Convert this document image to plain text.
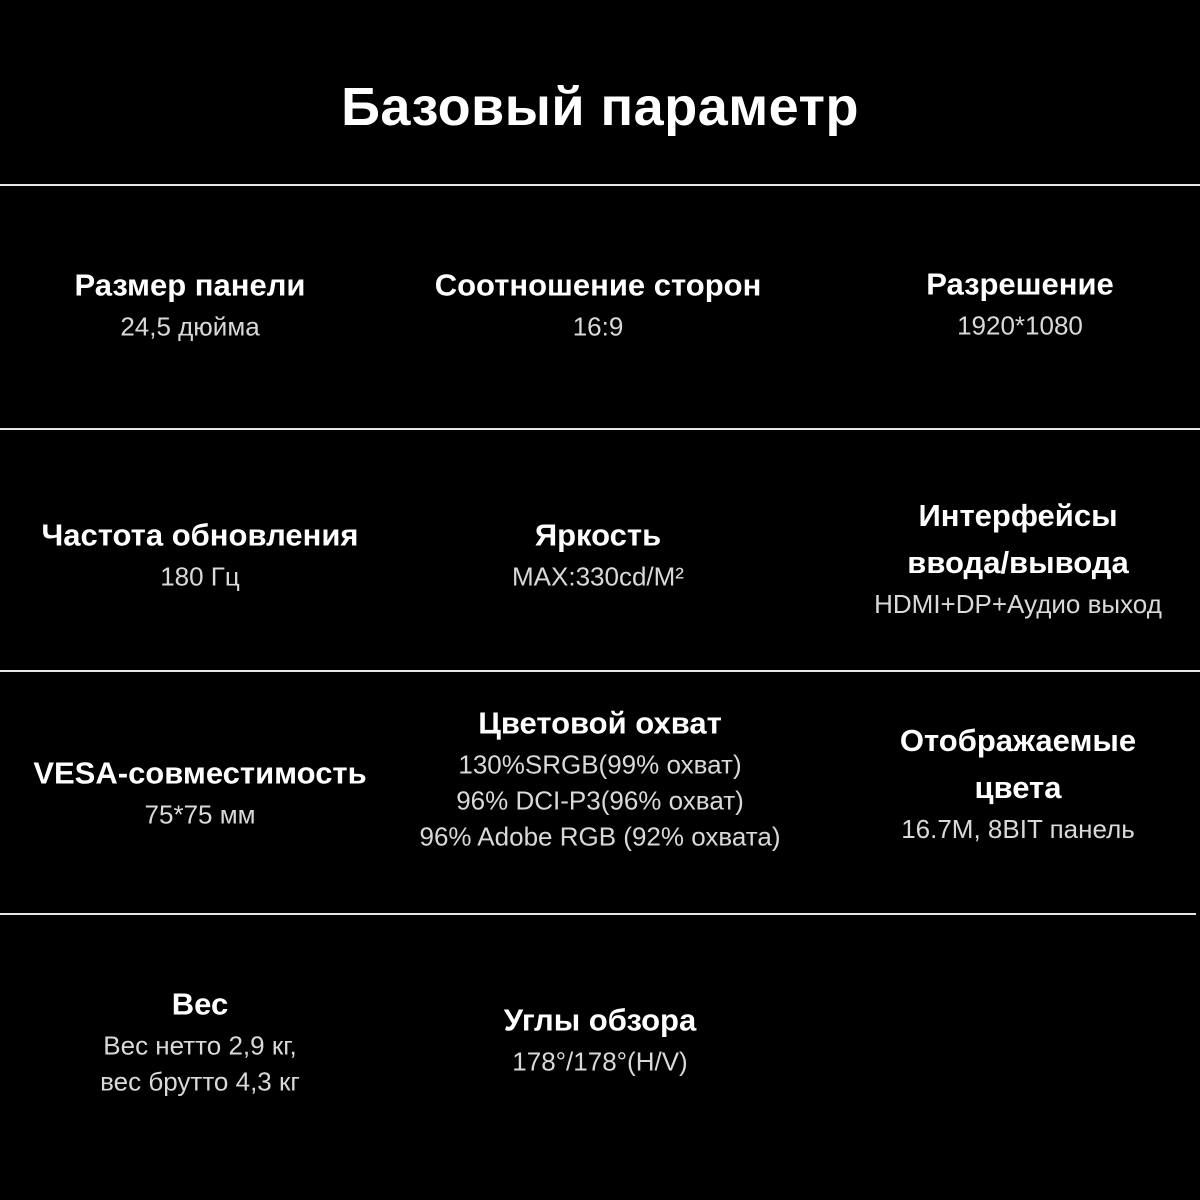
Базовый параметр
Размер панели
24,5 дюйма
Соотношение сторон
16:9
Разрешение
1920*1080
Частота обновления
180 Гц
Яркость
MAX:330cd/M²
Интерфейсы
ввода/вывода
HDMI+DP+Аудио выход
VESA-совместимость
75*75 мм
Цветовой охват
130%SRGB(99% охват)
96% DCI-P3(96% охват)
96% Adobe RGB (92% охвата)
Отображаемые
цвета
16.7M, 8BIT панель
Вес
Вес нетто 2,9 кг,
вес брутто 4,3 кг
Углы обзора
178°/178°(H/V)
